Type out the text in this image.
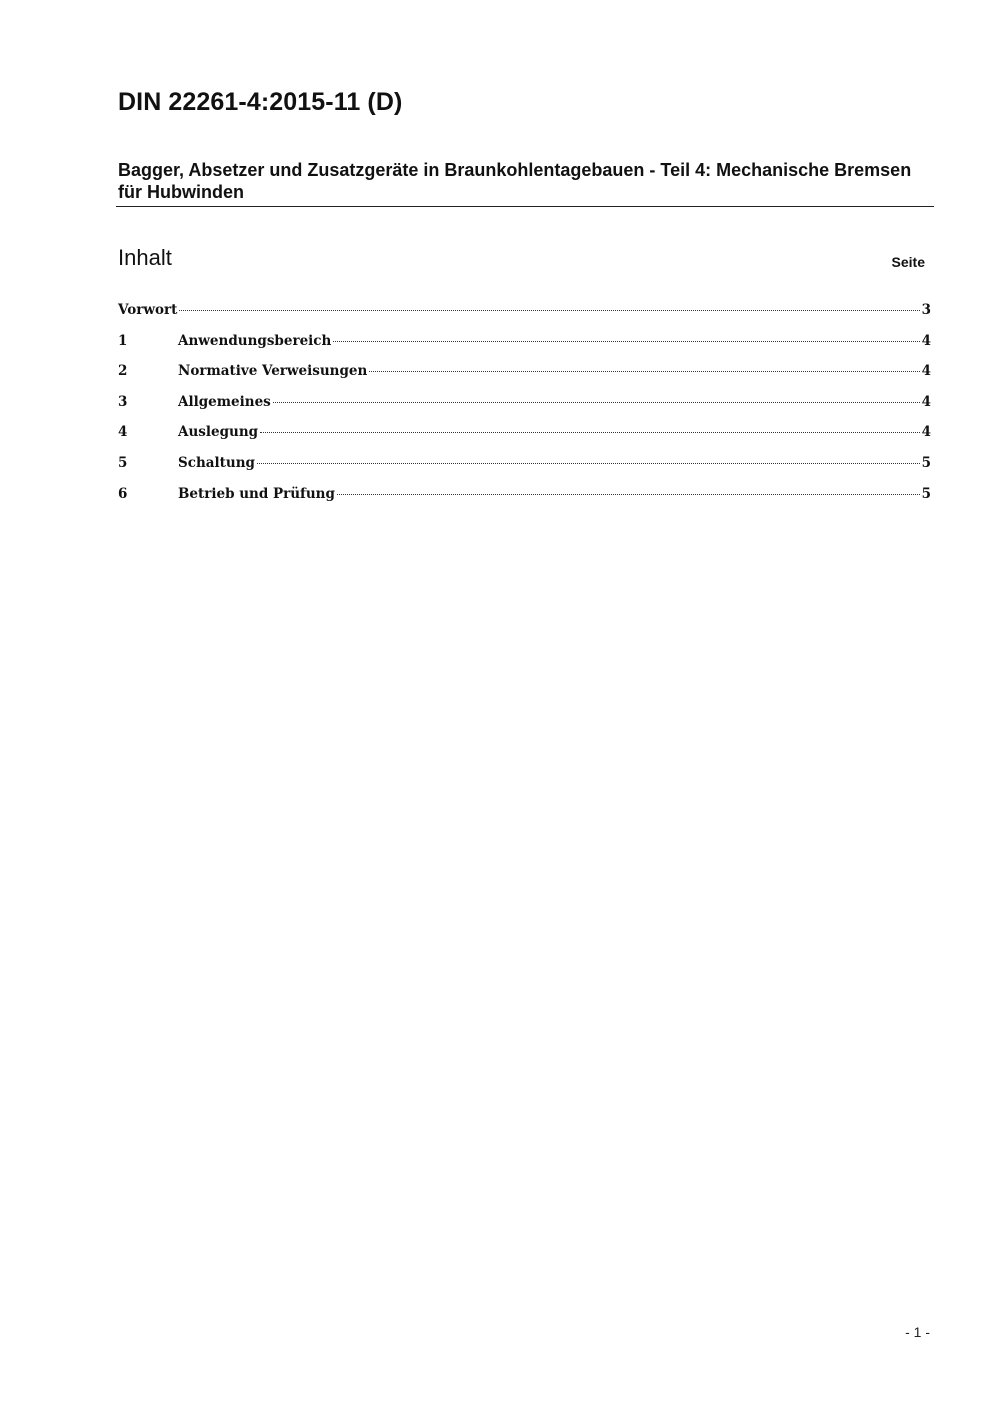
DIN 22261-4:2015-11 (D)
Bagger, Absetzer und Zusatzgeräte in Braunkohlentagebauen - Teil 4: Mechanische Bremsen für Hubwinden
Inhalt	Seite
Vorwort	3
1	Anwendungsbereich	4
2	Normative Verweisungen	4
3	Allgemeines	4
4	Auslegung	4
5	Schaltung	5
6	Betrieb und Prüfung	5
- 1 -
